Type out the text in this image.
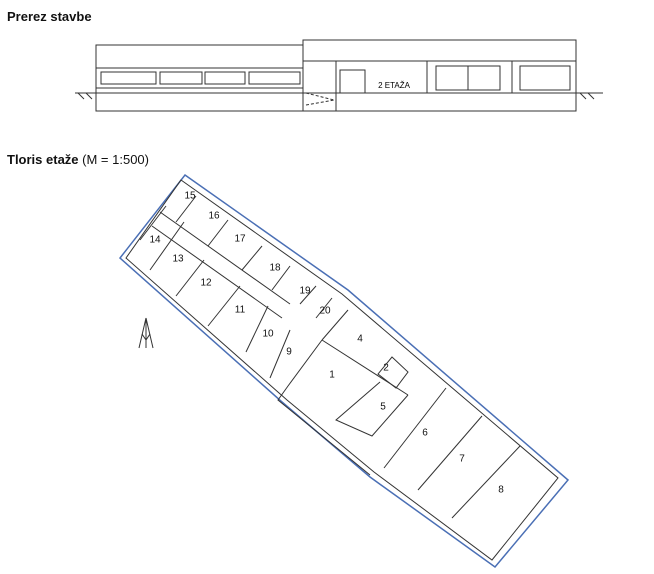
Prerez stavbe
Tloris etaže (M = 1:500)
2 ETAŽA
1
2
4
5
6
7
8
9
10
11
12
13
14
15
16
17
18
19
20
